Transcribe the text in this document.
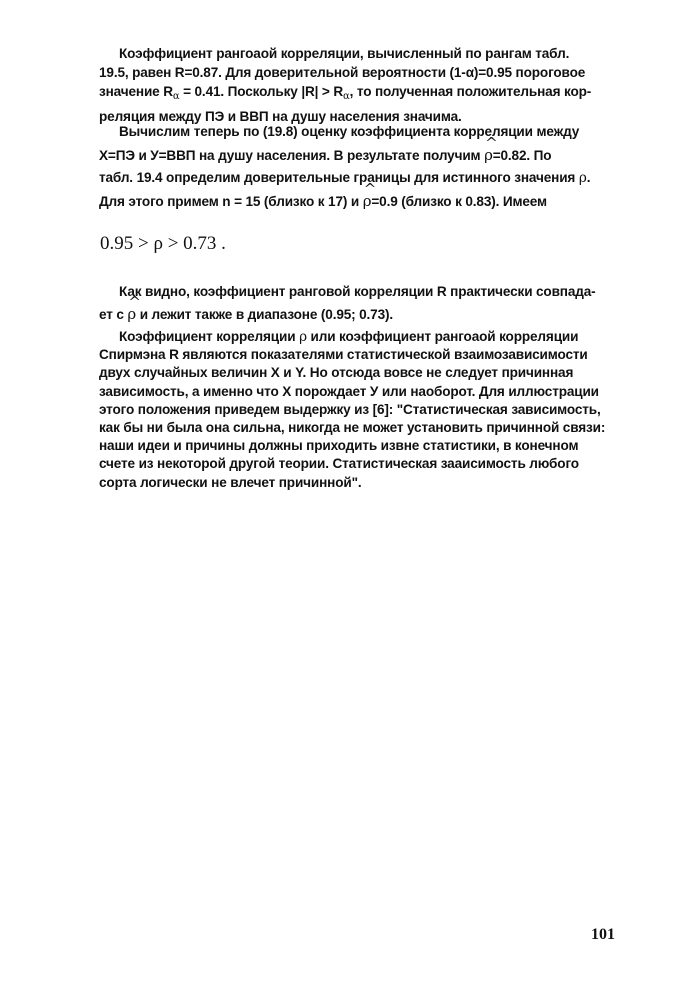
Коэффициент рангоаой корреляции, вычисленный по рангам табл.
19.5, равен R=0.87. Для доверительной вероятности (1-α)=0.95 пороговое
значение $R_\alpha = 0.41$. Поскольку $|R| > R_\alpha$, то полученная положительная кор-
реляция между ПЭ и ВВП на душу населения значима.
Вычислим теперь по (19.8) оценку коэффициента корреляции между
X=ПЭ и У=ВВП на душу населения. В результате получим ^ ρ=0.82. По
табл. 19.4 определим доверительные границы для истинного значения ρ.
Для этого примем n = 15 (близко к 17) и ^ ρ=0.9 (близко к 0.83). Имеем
0.95 > ρ > 0.73 .
Как видно, коэффициент ранговой корреляции R практически совпада-
ет с ^ ρ и лежит также в диапазоне (0.95; 0.73).
Коэффициент корреляции ρ или коэффициент рангоаой корреляции
Спирмэна R являются показателями статистической взаимозависимости
двух случайных величин X и Y. Но отсюда вовсе не следует причинная
зависимость, а именно что X порождает У или наоборот. Для иллюстрации
этого положения приведем выдержку из [6]: "Статистическая зависимость,
как бы ни была она сильна, никогда не может установить причинной связи:
наши идеи и причины должны приходить извне статистики, в конечном
счете из некоторой другой теории. Статистическая зааисимость любого
сорта логически не влечет причинной".
101
